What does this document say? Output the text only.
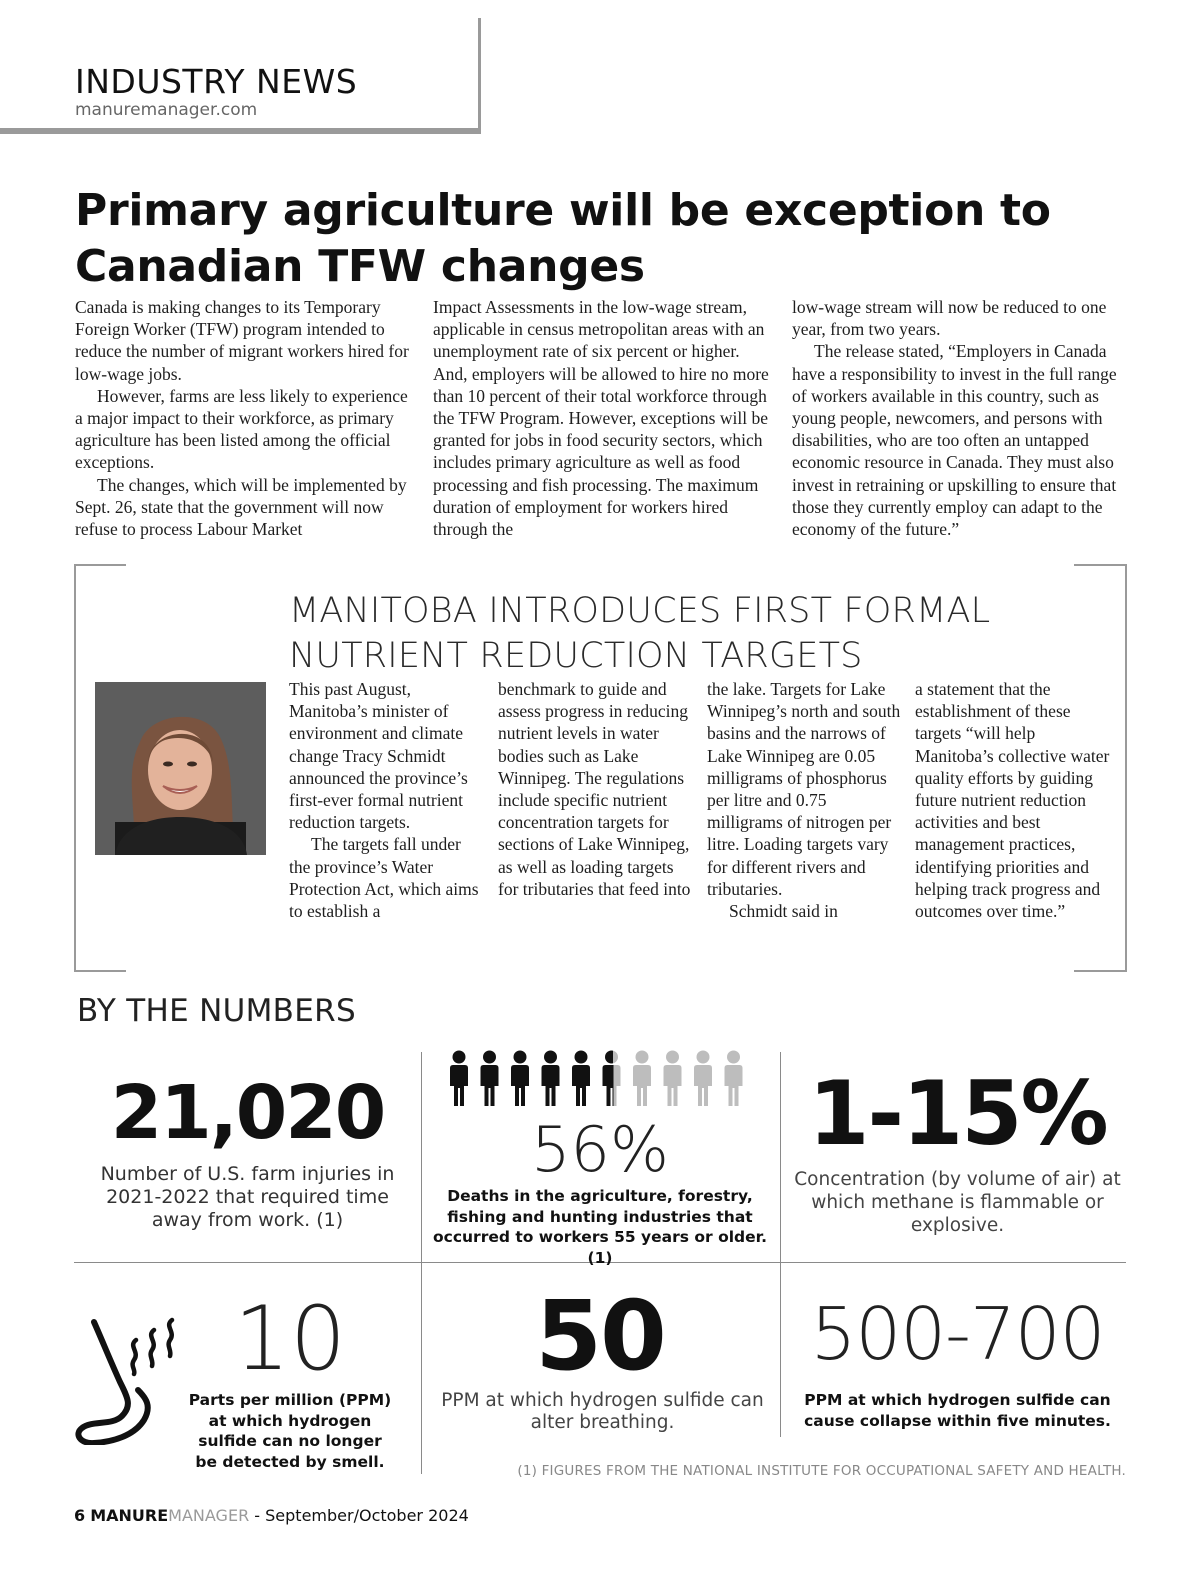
INDUSTRY NEWS
manuremanager.com
Primary agriculture will be exception to
Canadian TFW changes

Canada is making changes to its Temporary Foreign Worker (TFW) program intended to reduce the number of migrant workers hired for low-wage jobs.

However, farms are less likely to experience a major impact to their workforce, as primary agriculture has been listed among the official exceptions.

The changes, which will be implemented by Sept. 26, state that the government will now refuse to process Labour Market

Impact Assessments in the low-wage stream, applicable in census metropolitan areas with an unemployment rate of six percent or higher. And, employers will be allowed to hire no more than 10 percent of their total workforce through the TFW Program. However, exceptions will be granted for jobs in food security sectors, which includes primary agriculture as well as food processing and fish processing. The maximum duration of employment for workers hired through the

low-wage stream will now be reduced to one year, from two years.

The release stated, “Employers in Canada have a responsibility to invest in the full range of workers available in this country, such as young people, newcomers, and persons with disabilities, who are too often an untapped economic resource in Canada. They must also invest in retraining or upskilling to ensure that those they currently employ can adapt to the economy of the future.”

MANITOBA INTRODUCES FIRST FORMAL
NUTRIENT REDUCTION TARGETS

This past August, Manitoba’s minister of environment and climate change Tracy Schmidt announced the province’s first-ever formal nutrient reduction targets.

The targets fall under the province’s Water Protection Act, which aims to establish a

benchmark to guide and assess progress in reducing nutrient levels in water bodies such as Lake Winnipeg. The regulations include specific nutrient concentration targets for sections of Lake Winnipeg, as well as loading targets for tributaries that feed into

the lake. Targets for Lake Winnipeg’s north and south basins and the narrows of Lake Winnipeg are 0.05 milligrams of phosphorus per litre and 0.75 milligrams of nitrogen per litre. Loading targets vary for different rivers and tributaries.

Schmidt said in

a statement that the establishment of these targets “will help Manitoba’s collective water quality efforts by guiding future nutrient reduction activities and best management practices, identifying priorities and helping track progress and outcomes over time.”

BY THE NUMBERS
21,020
Number of U.S. farm injuries in 2021-2022 that required time away from work. (1)
56%
Deaths in the agriculture, forestry, fishing and hunting industries that occurred to workers 55 years or older. (1)
1-15%
Concentration (by volume of air) at which methane is flammable or explosive.
10
Parts per million (PPM) at which hydrogen sulfide can no longer be detected by smell.
50
PPM at which hydrogen sulfide can alter breathing.
500-700
PPM at which hydrogen sulfide can cause collapse within five minutes.
(1) FIGURES FROM THE NATIONAL INSTITUTE FOR OCCUPATIONAL SAFETY AND HEALTH.
6 MANUREMANAGER - September/October 2024
